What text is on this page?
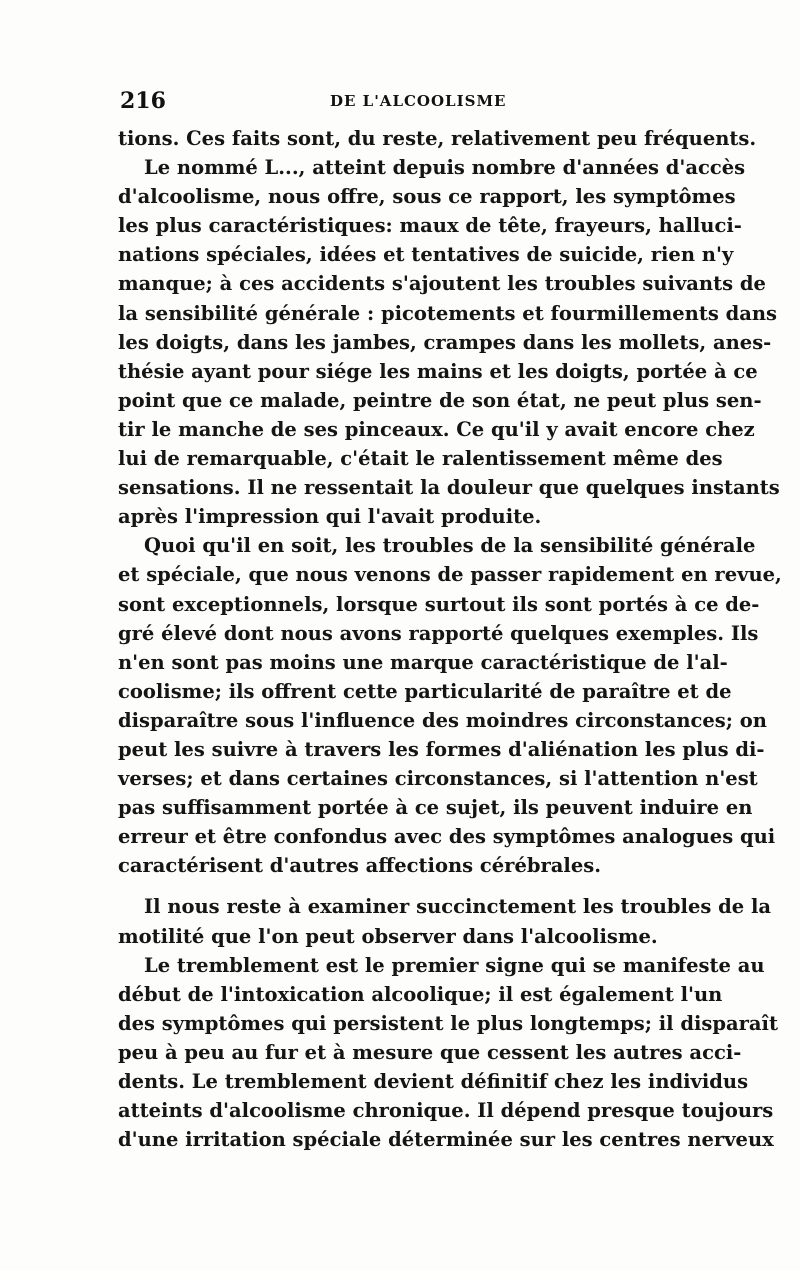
216	DE L'ALCOOLISME
tions. Ces faits sont, du reste, relativement peu fréquents.
Le nommé L..., atteint depuis nombre d'années d'accès
d'alcoolisme, nous offre, sous ce rapport, les symptômes
les plus caractéristiques: maux de tête, frayeurs, halluci-
nations spéciales, idées et tentatives de suicide, rien n'y
manque; à ces accidents s'ajoutent les troubles suivants de
la sensibilité générale : picotements et fourmillements dans
les doigts, dans les jambes, crampes dans les mollets, anes-
thésie ayant pour siége les mains et les doigts, portée à ce
point que ce malade, peintre de son état, ne peut plus sen-
tir le manche de ses pinceaux. Ce qu'il y avait encore chez
lui de remarquable, c'était le ralentissement même des
sensations. Il ne ressentait la douleur que quelques instants
après l'impression qui l'avait produite.
Quoi qu'il en soit, les troubles de la sensibilité générale
et spéciale, que nous venons de passer rapidement en revue,
sont exceptionnels, lorsque surtout ils sont portés à ce de-
gré élevé dont nous avons rapporté quelques exemples. Ils
n'en sont pas moins une marque caractéristique de l'al-
coolisme; ils offrent cette particularité de paraître et de
disparaître sous l'influence des moindres circonstances; on
peut les suivre à travers les formes d'aliénation les plus di-
verses; et dans certaines circonstances, si l'attention n'est
pas suffisamment portée à ce sujet, ils peuvent induire en
erreur et être confondus avec des symptômes analogues qui
caractérisent d'autres affections cérébrales.
Il nous reste à examiner succinctement les troubles de la
motilité que l'on peut observer dans l'alcoolisme.
Le tremblement est le premier signe qui se manifeste au
début de l'intoxication alcoolique; il est également l'un
des symptômes qui persistent le plus longtemps; il disparaît
peu à peu au fur et à mesure que cessent les autres acci-
dents. Le tremblement devient définitif chez les individus
atteints d'alcoolisme chronique. Il dépend presque toujours
d'une irritation spéciale déterminée sur les centres nerveux
